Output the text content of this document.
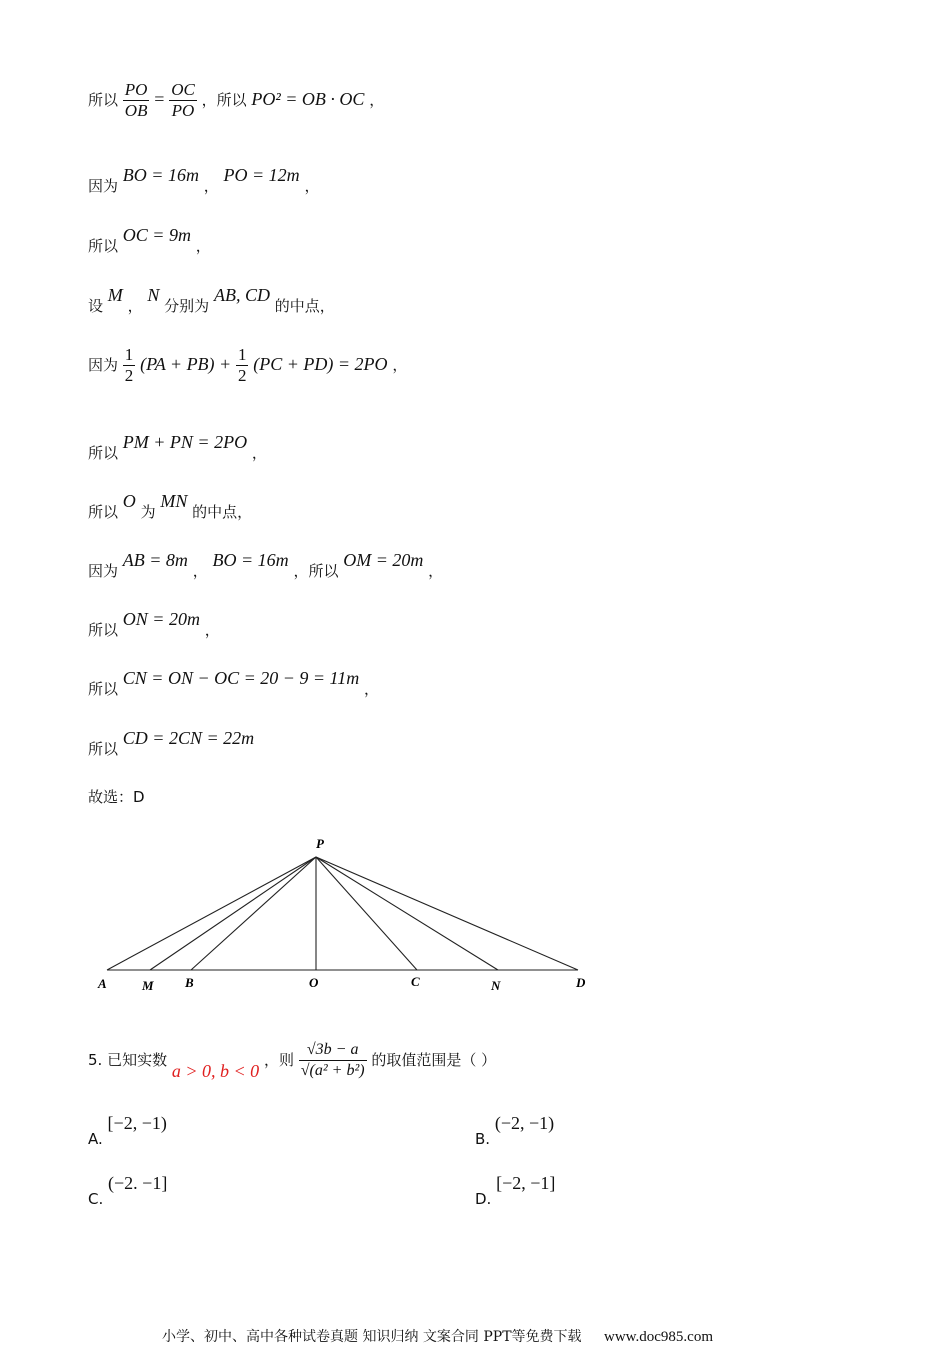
所以 $\frac{PO}{OB} = \frac{OC}{PO}$ ，所以 PO² = OB · OC ，
因为 BO = 16m ， PO = 12m ，
所以 OC = 9m ，
设 M ， N 分别为 AB, CD 的中点，
因为 $\frac{1}{2} (PA + PB) + \frac{1}{2} (PC + PD) = 2PO$ ，
所以 PM + PN = 2PO ，
所以 O 为 MN 的中点，
因为 AB = 8m ， BO = 16m ，所以 OM = 20m ，
所以 ON = 20m ，
所以 CN = ON − OC = 20 − 9 = 11m ，
所以 CD = 2CN = 22m
故选：D
P
A	M B	O	C	N	D
5. 已知实数 a > 0, b < 0 ，则 $\frac{√3b - a}{\text{√(a² + b²)}}$ 的取值范围是（ ）
A. [−2, −1)
B. (−2, −1)
C. (−2. −1]
D. [−2, −1]
小学、初中、高中各种试卷真题 知识归纳 文案合同 PPT等免费下载 www.doc985.com
